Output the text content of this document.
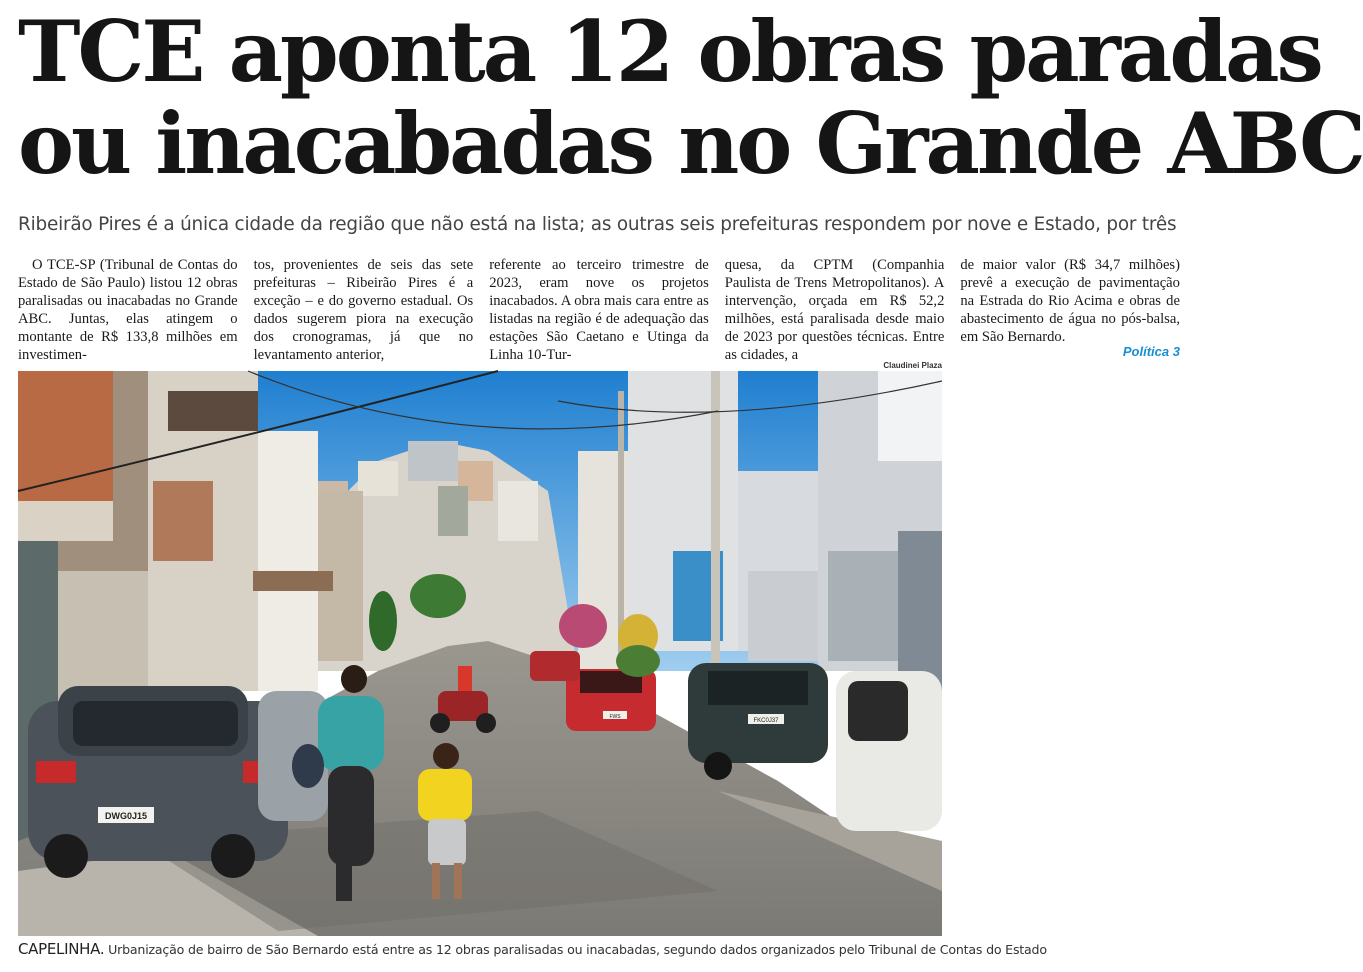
TCE aponta 12 obras paradas
ou inacabadas no Grande ABC

Ribeirão Pires é a única cidade da região que não está na lista; as outras seis prefeituras respondem por nove e Estado, por três

O TCE-SP (Tribunal de Contas do Estado de São Paulo) listou 12 obras paralisadas ou inacabadas no Grande ABC. Juntas, elas atingem o montante de R$ 133,8 milhões em investimen-

tos, provenientes de seis das sete prefeituras – Ribeirão Pires é a exceção – e do governo estadual. Os dados sugerem piora na execução dos cronogramas, já que no levantamento anterior,

referente ao terceiro trimestre de 2023, eram nove os projetos inacabados. A obra mais cara entre as listadas na região é de adequação das estações São Caetano e Utinga da Linha 10-Tur-

quesa, da CPTM (Companhia Paulista de Trens Metropolitanos). A intervenção, orçada em R$ 52,2 milhões, está paralisada desde maio de 2023 por questões técnicas. Entre as cidades, a

de maior valor (R$ 34,7 milhões) prevê a execução de pavimentação na Estrada do Rio Acima e obras de abastecimento de água no pós-balsa, em São Bernardo.
Política 3
Claudinei Plaza
DWG0J15
FWS
FKC0J37

CAPELINHA. Urbanização de bairro de São Bernardo está entre as 12 obras paralisadas ou inacabadas, segundo dados organizados pelo Tribunal de Contas do Estado
